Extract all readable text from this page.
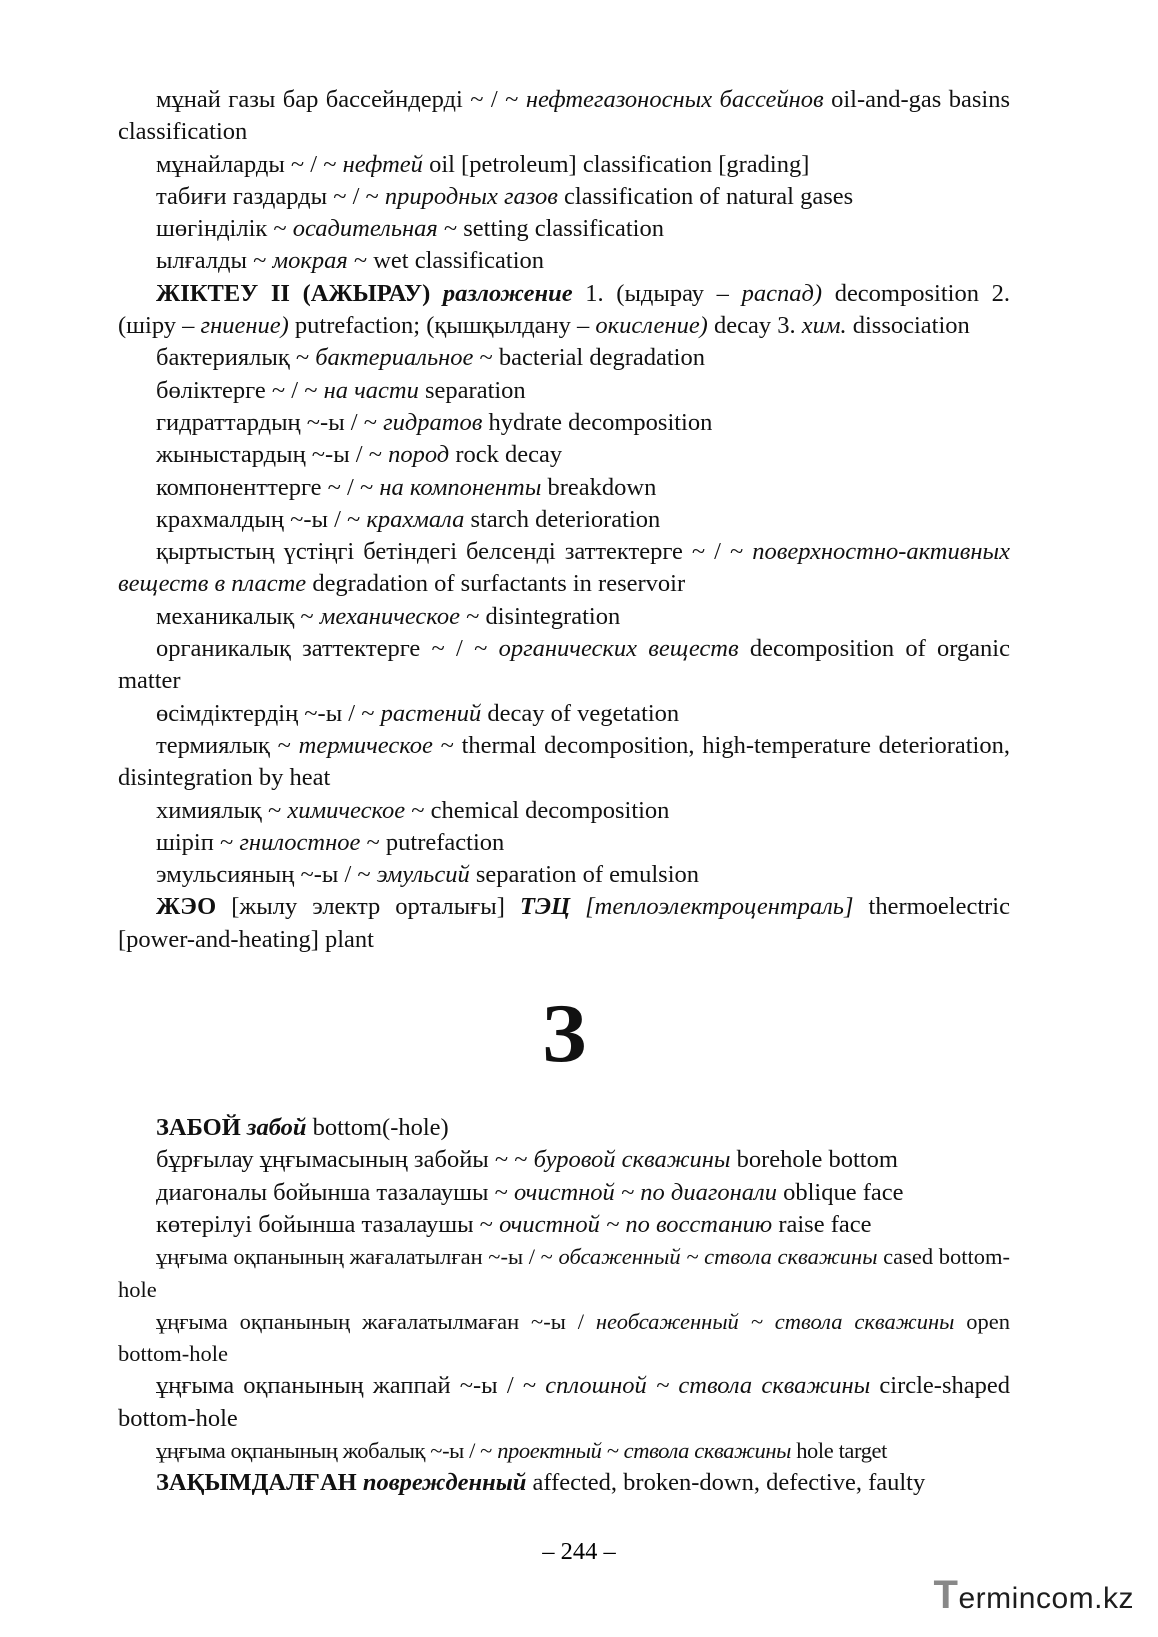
мұнай газы бар бассейндерді ~ / ~ нефтегазоносных бассейнов oil-and-gas basins classification

мұнайларды ~ / ~ нефтей oil [petroleum] classification [grading]

табиғи газдарды ~ / ~ природных газов classification of natural gases

шөгінділік ~ осадительная ~ setting classification

ылғалды ~ мокрая ~ wet classification

ЖІКТЕУ II (АЖЫРАУ) разложение 1. (ыдырау – распад) decomposition 2. (шіру – гниение) putrefaction; (қышқылдану – окисление) decay 3. хим. dissociation

бактериялық ~ бактериальное ~ bacterial degradation

бөліктерге ~ / ~ на части separation

гидраттардың ~-ы / ~ гидратов hydrate decomposition

жыныстардың ~-ы / ~ пород rock decay

компоненттерге ~ / ~ на компоненты breakdown

крахмалдың ~-ы / ~ крахмала starch deterioration

қыртыстың үстіңгі бетіндегі белсенді заттектерге ~ / ~ поверхностно-активных веществ в пласте degradation of surfactants in reservoir

механикалық ~ механическое ~ disintegration

органикалық заттектерге ~ / ~ органических веществ decomposition of organic matter

өсімдіктердің ~-ы / ~ растений decay of vegetation

термиялық ~ термическое ~ thermal decomposition, high-temperature deterioration, disintegration by heat

химиялық ~ химическое ~ chemical decomposition

шіріп ~ гнилостное ~ putrefaction

эмульсияның ~-ы / ~ эмульсий separation of emulsion

ЖЭО [жылу электр орталығы] ТЭЦ [теплоэлектроцентраль] thermoelectric [power-and-heating] plant

З

ЗАБОЙ забой bottom(-hole)

бұрғылау ұңғымасының забойы ~ ~ буровой скважины borehole bottom

диагоналы бойынша тазалаушы ~ очистной ~ по диагонали oblique face

көтерілуі бойынша тазалаушы ~ очистной ~ по восстанию raise face

ұңғыма оқпанының жағалатылған ~-ы / ~ обсаженный ~ ствола скважины cased bottom-hole

ұңғыма оқпанының жағалатылмаған ~-ы / необсаженный ~ ствола скважины open bottom-hole

ұңғыма оқпанының жаппай ~-ы / ~ сплошной ~ ствола скважины circle-shaped bottom-hole

ұңғыма оқпанының жобалық ~-ы / ~ проектный ~ ствола скважины hole target

ЗАҚЫМДАЛҒАН поврежденный affected, broken-down, defective, faulty

– 244 –
Termincom.kz
